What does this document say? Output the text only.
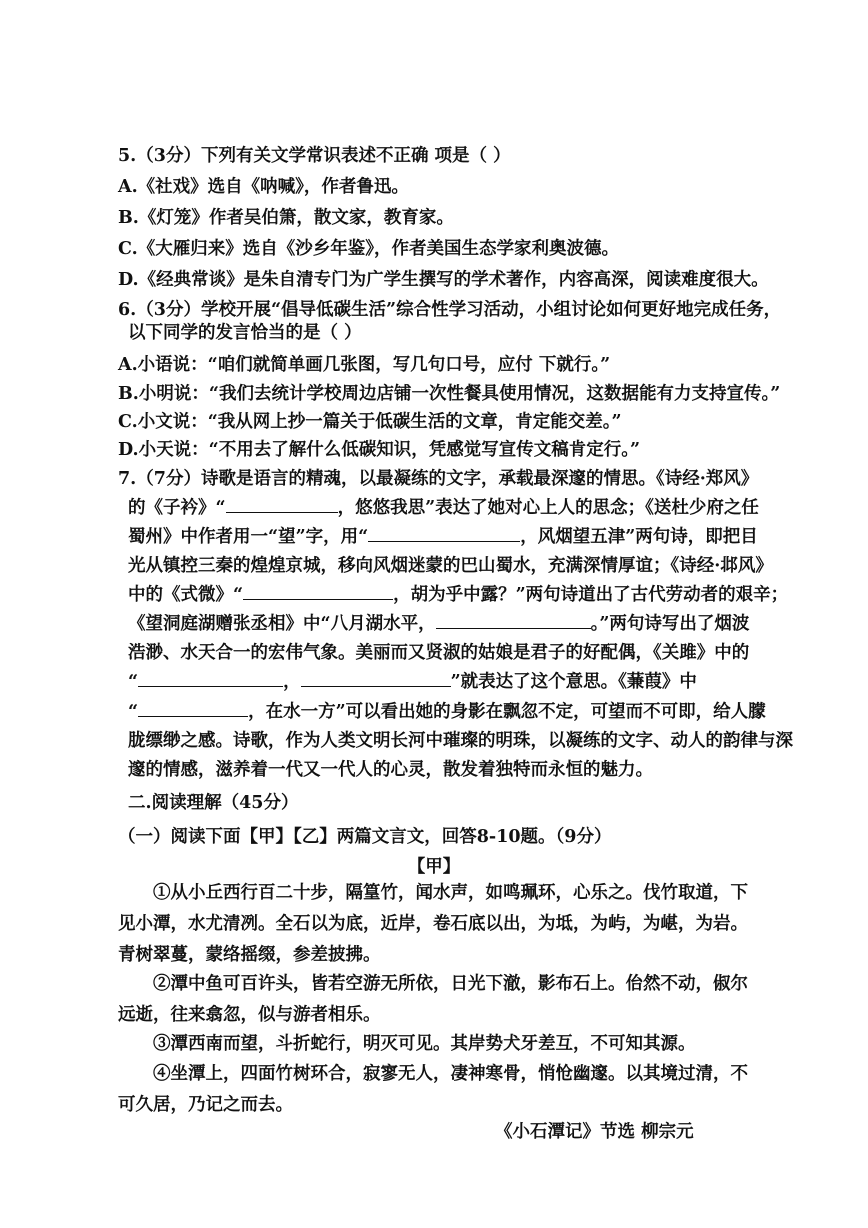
5.（3分）下列有关文学常识表述不正确 项是（ ）
A.《社戏》选自《呐喊》，作者鲁迅。
B.《灯笼》作者吴伯箫，散文家，教育家。
C.《大雁归来》选自《沙乡年鉴》，作者美国生态学家利奥波德。
D.《经典常谈》是朱自清专门为广学生撰写的学术著作，内容高深，阅读难度很大。
6.（3分）学校开展“倡导低碳生活”综合性学习活动，小组讨论如何更好地完成任务，
以下同学的发言恰当的是（ ）
A.小语说：“咱们就简单画几张图，写几句口号，应付 下就行。”
B.小明说：“我们去统计学校周边店铺一次性餐具使用情况，这数据能有力支持宣传。”
C.小文说：“我从网上抄一篇关于低碳生活的文章，肯定能交差。”
D.小天说：“不用去了解什么低碳知识，凭感觉写宣传文稿肯定行。”
7.（7分）诗歌是语言的精魂，以最凝练的文字，承载最深邃的情思。《诗经·郑风》
的《子衿》“	，悠悠我思”表达了她对心上人的思念；《送杜少府之任
蜀州》中作者用一“望”字，用“	，风烟望五津”两句诗，即把目
光从镇控三秦的煌煌京城，移向风烟迷蒙的巴山蜀水，充满深情厚谊；《诗经·邶风》
中的《式微》“	，胡为乎中露？”两句诗道出了古代劳动者的艰辛；
《望洞庭湖赠张丞相》中“八月湖水平，	。”两句诗写出了烟波
浩渺、水天合一的宏伟气象。美丽而又贤淑的姑娘是君子的好配偶，《关雎》中的
“	，	”就表达了这个意思。《蒹葭》中
“	，在水一方”可以看出她的身影在飘忽不定，可望而不可即，给人朦
胧缥缈之感。诗歌，作为人类文明长河中璀璨的明珠，以凝练的文字、动人的韵律与深
邃的情感，滋养着一代又一代人的心灵，散发着独特而永恒的魅力。
二.阅读理解（45分）
（一）阅读下面【甲】【乙】两篇文言文，回答8-10题。（9分）
【甲】

①从小丘西行百二十步，隔篁竹，闻水声，如鸣珮环，心乐之。伐竹取道，下见小潭，水尤清冽。全石以为底，近岸，卷石底以出，为坻，为屿，为嵁，为岩。青树翠蔓，蒙络摇缀，参差披拂。

②潭中鱼可百许头，皆若空游无所依，日光下澈，影布石上。佁然不动，俶尔远逝，往来翕忽，似与游者相乐。

③潭西南而望，斗折蛇行，明灭可见。其岸势犬牙差互，不可知其源。

④坐潭上，四面竹树环合，寂寥无人，凄神寒骨，悄怆幽邃。以其境过清，不可久居，乃记之而去。

《小石潭记》节选 柳宗元
